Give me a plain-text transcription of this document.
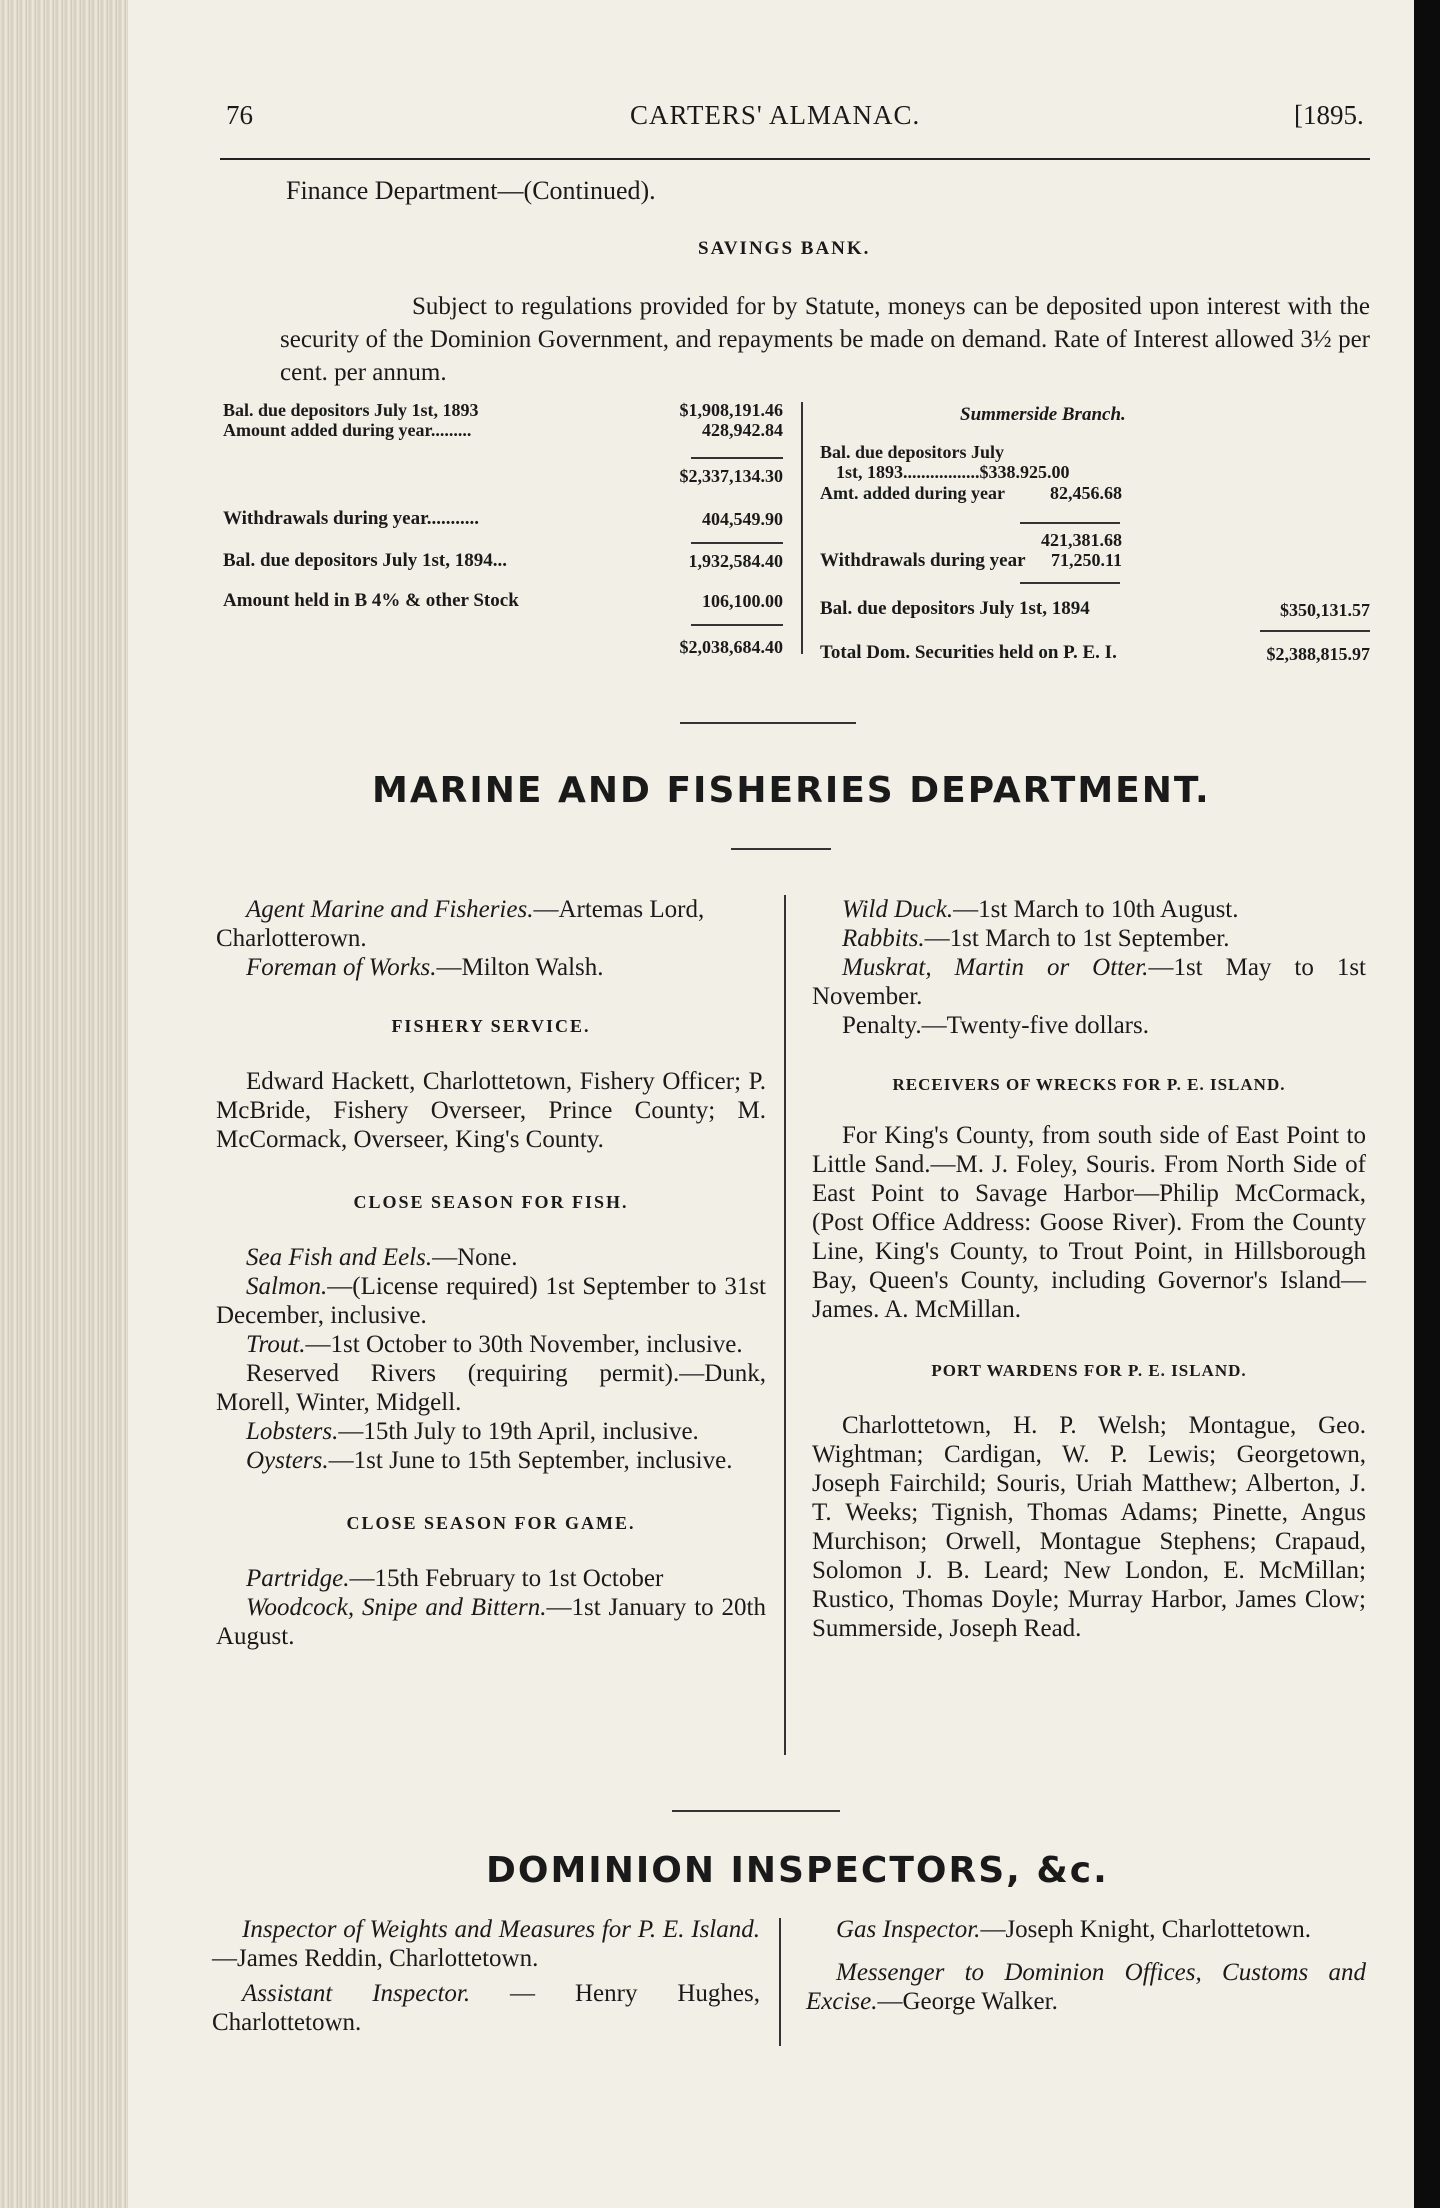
76	CARTERS' ALMANAC.	[1895.
Finance Department—(Continued).
SAVINGS BANK.
Subject to regulations provided for by Statute, moneys can be deposited upon interest with the security of the Dominion Government, and repayments be made on demand. Rate of Interest allowed 3½ per cent. per annum.
Bal. due depositors July 1st, 1893	$1,908,191.46
Amount added during year.........	428,942.84
$2,337,134.30
Withdrawals during year...........	404,549.90
Bal. due depositors July 1st, 1894...	1,932,584.40
Amount held in B 4% & other Stock	106,100.00
$2,038,684.40
Summerside Branch.
Bal. due depositors July
1st, 1893.................$338.925.00
Amt. added during year	82,456.68
421,381.68
Withdrawals during year	71,250.11
Bal. due depositors July 1st, 1894	$350,131.57
Total Dom. Securities held on P. E. I.	$2,388,815.97
MARINE AND FISHERIES DEPARTMENT.

Agent Marine and Fisheries.—Artemas Lord, Charlotterown.

Foreman of Works.—Milton Walsh.

FISHERY SERVICE.

Edward Hackett, Charlottetown, Fishery Officer; P. McBride, Fishery Overseer, Prince County; M. McCormack, Overseer, King's County.

CLOSE SEASON FOR FISH.

Sea Fish and Eels.—None.

Salmon.—(License required) 1st September to 31st December, inclusive.

Trout.—1st October to 30th November, inclusive.

Reserved Rivers (requiring permit).—Dunk, Morell, Winter, Midgell.

Lobsters.—15th July to 19th April, inclusive.

Oysters.—1st June to 15th September, inclusive.

CLOSE SEASON FOR GAME.

Partridge.—15th February to 1st October

Woodcock, Snipe and Bittern.—1st January to 20th August.

Wild Duck.—1st March to 10th August.

Rabbits.—1st March to 1st September.

Muskrat, Martin or Otter.—1st May to 1st November.

Penalty.—Twenty-five dollars.

RECEIVERS OF WRECKS FOR P. E. ISLAND.

For King's County, from south side of East Point to Little Sand.—M. J. Foley, Souris. From North Side of East Point to Savage Harbor—Philip McCormack, (Post Office Address: Goose River). From the County Line, King's County, to Trout Point, in Hillsborough Bay, Queen's County, including Governor's Island—James. A. McMillan.

PORT WARDENS FOR P. E. ISLAND.

Charlottetown, H. P. Welsh; Montague, Geo. Wightman; Cardigan, W. P. Lewis; Georgetown, Joseph Fairchild; Souris, Uriah Matthew; Alberton, J. T. Weeks; Tignish, Thomas Adams; Pinette, Angus Murchison; Orwell, Montague Stephens; Crapaud, Solomon J. B. Leard; New London, E. McMillan; Rustico, Thomas Doyle; Murray Harbor, James Clow; Summerside, Joseph Read.

DOMINION INSPECTORS, &c.

Inspector of Weights and Measures for P. E. Island.—James Reddin, Charlottetown.

Assistant Inspector. — Henry Hughes, Charlottetown.

Gas Inspector.—Joseph Knight, Charlottetown.

Messenger to Dominion Offices, Customs and Excise.—George Walker.
